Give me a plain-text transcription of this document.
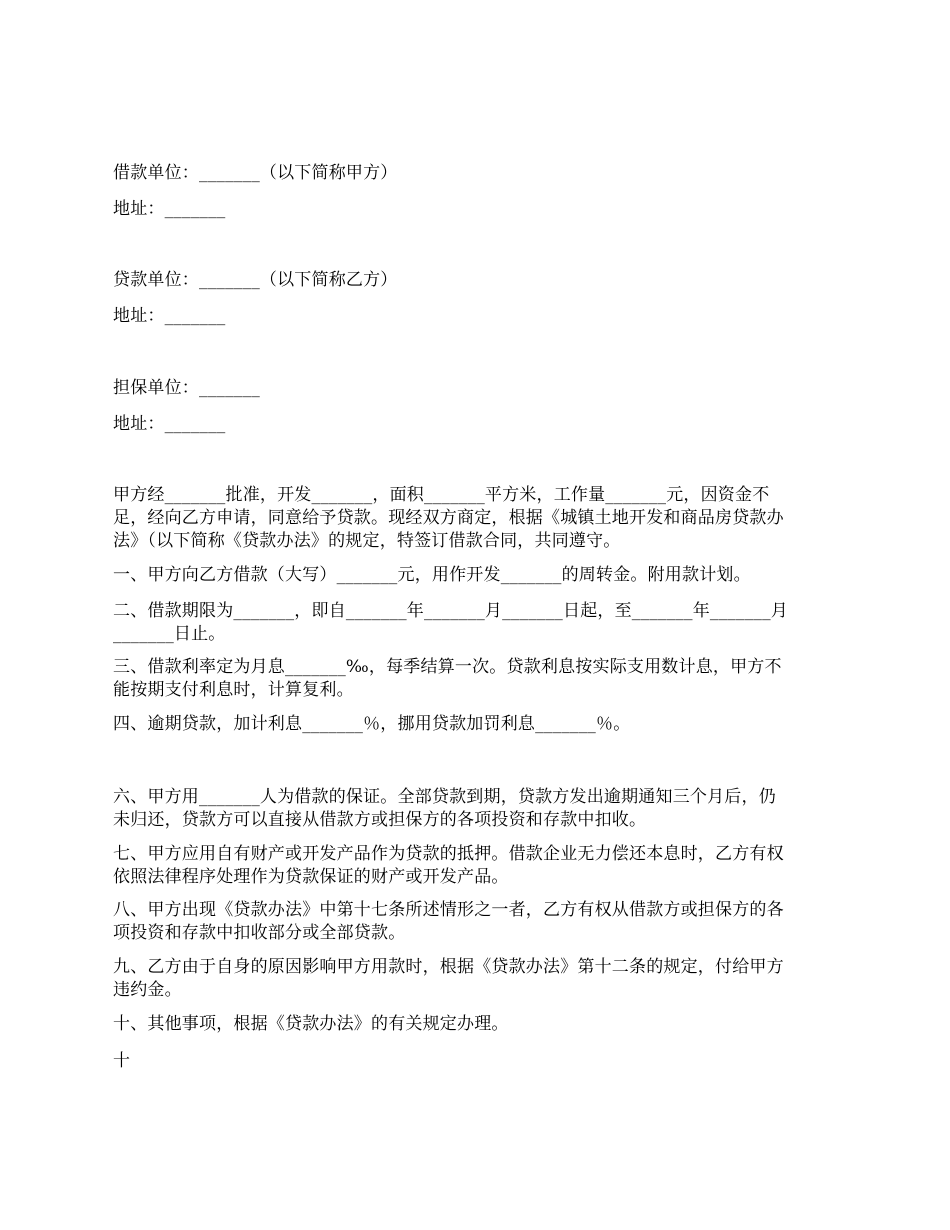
借款单位：_______（以下简称甲方）
地址：_______
贷款单位：_______（以下简称乙方）
地址：_______
担保单位：_______
地址：_______
甲方经_______批准，开发_______，面积_______平方米，工作量_______元，因资金不
足，经向乙方申请，同意给予贷款。现经双方商定，根据《城镇土地开发和商品房贷款办
法》（以下简称《贷款办法》的规定，特签订借款合同，共同遵守。
一、甲方向乙方借款（大写）_______元，用作开发_______的周转金。附用款计划。
二、借款期限为_______，即自_______年_______月_______日起，至_______年_______月
_______日止。
三、借款利率定为月息_______‰，每季结算一次。贷款利息按实际支用数计息，甲方不
能按期支付利息时，计算复利。
四、逾期贷款，加计利息_______％，挪用贷款加罚利息_______％。
六、甲方用_______人为借款的保证。全部贷款到期，贷款方发出逾期通知三个月后，仍
未归还，贷款方可以直接从借款方或担保方的各项投资和存款中扣收。
七、甲方应用自有财产或开发产品作为贷款的抵押。借款企业无力偿还本息时，乙方有权
依照法律程序处理作为贷款保证的财产或开发产品。
八、甲方出现《贷款办法》中第十七条所述情形之一者，乙方有权从借款方或担保方的各
项投资和存款中扣收部分或全部贷款。
九、乙方由于自身的原因影响甲方用款时，根据《贷款办法》第十二条的规定，付给甲方
违约金。
十、其他事项，根据《贷款办法》的有关规定办理。
十
